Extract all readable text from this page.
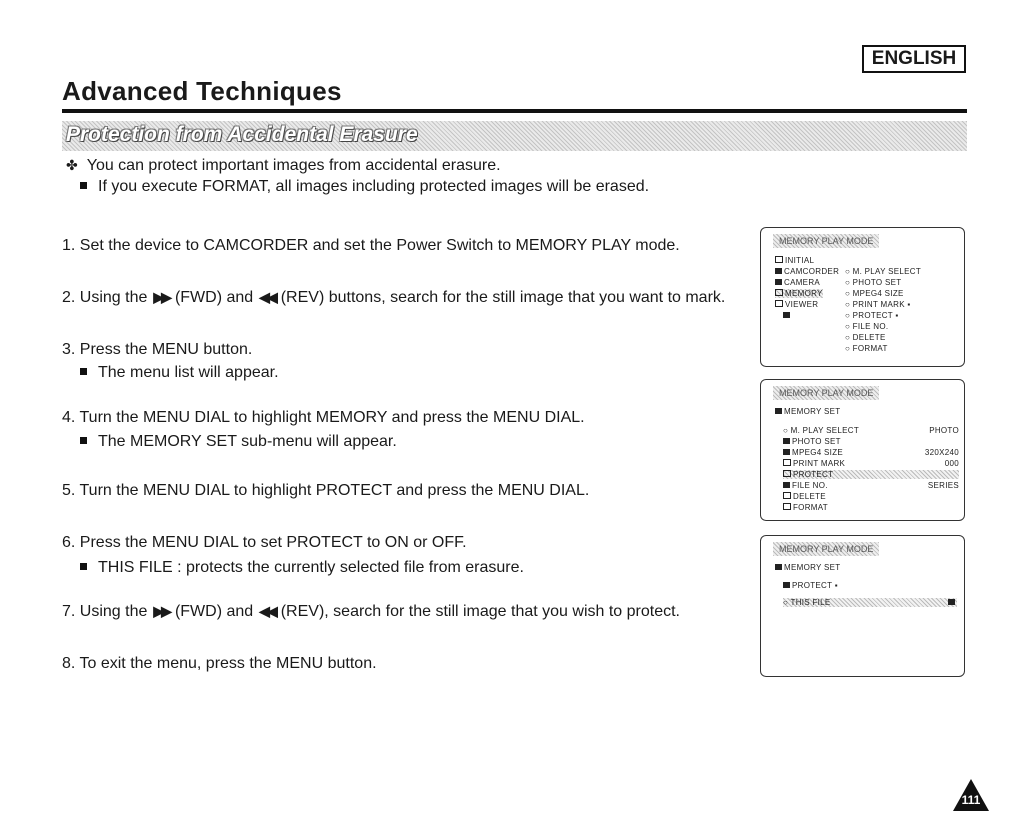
ENGLISH
Advanced Techniques
Protection from Accidental Erasure
✤ You can protect important images from accidental erasure.
If you execute FORMAT, all images including protected images will be erased.
1. Set the device to CAMCORDER and set the Power Switch to MEMORY PLAY mode.
2. Using the ▶▶ (FWD) and ◀◀ (REV) buttons, search for the still image that you want to mark.
3. Press the MENU button.
The menu list will appear.
4. Turn the MENU DIAL to highlight MEMORY and press the MENU DIAL.
The MEMORY SET sub-menu will appear.
5. Turn the MENU DIAL to highlight PROTECT and press the MENU DIAL.
6. Press the MENU DIAL to set PROTECT to ON or OFF.
THIS FILE : protects the currently selected file from erasure.
7. Using the ▶▶ (FWD) and ◀◀ (REV), search for the still image that you wish to protect.
8. To exit the menu, press the MENU button.
MEMORY PLAY MODE
INITIAL
CAMCORDER
CAMERA
MEMORY
VIEWER
○ M. PLAY SELECT
○ PHOTO SET
○ MPEG4 SIZE
○ PRINT MARK ▪
○ PROTECT ▪
○ FILE NO.
○ DELETE
○ FORMAT
MEMORY PLAY MODE
MEMORY SET
○ M. PLAY SELECT	PHOTO
PHOTO SET
MPEG4 SIZE	320X240
PRINT MARK	000
PROTECT
FILE NO.	SERIES
DELETE
FORMAT
MEMORY PLAY MODE
MEMORY SET
PROTECT ▪
○ THIS FILE
111
